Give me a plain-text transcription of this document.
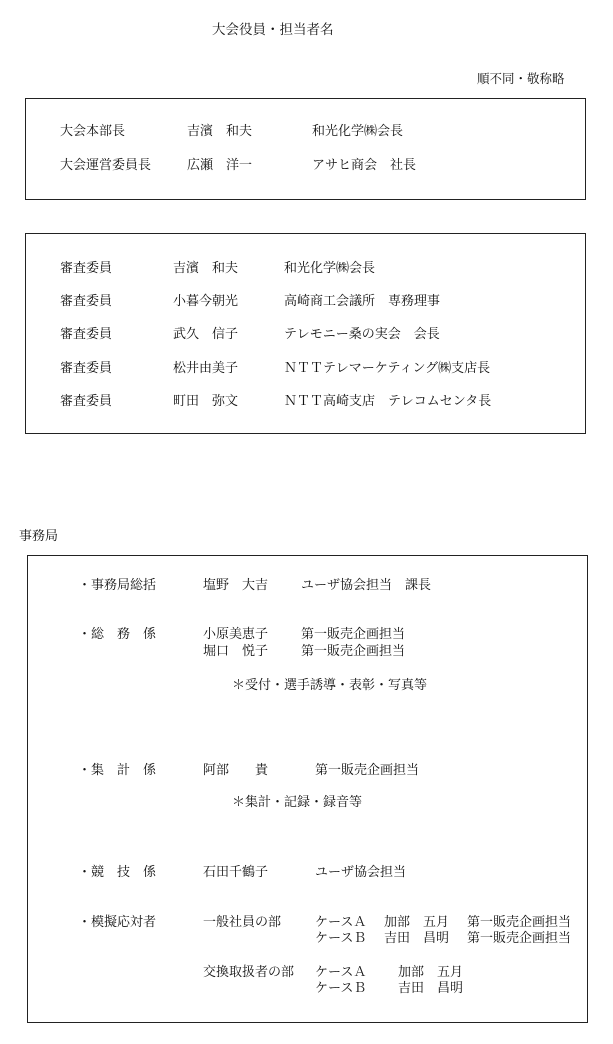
大会役員・担当者名
順不同・敬称略
大会本部長	吉濱　和夫	和光化学㈱会長
大会運営委員長	広瀬　洋一	アサヒ商会　社長
審査委員	吉濱　和夫	和光化学㈱会長
審査委員	小暮今朝光	高崎商工会議所　専務理事
審査委員	武久　信子	テレモニー桑の実会　会長
審査委員	松井由美子	ＮＴＴテレマーケティング㈱支店長
審査委員	町田　弥文	ＮＴＴ高崎支店　テレコムセンタ長
事務局
・事務局総括	塩野　大吉	ユーザ協会担当　課長
・総　務　係	小原美恵子	第一販売企画担当
堀口　悦子	第一販売企画担当
＊受付・選手誘導・表彰・写真等
・集　計　係	阿部　　貴	第一販売企画担当
＊集計・記録・録音等
・競　技　係	石田千鶴子	ユーザ協会担当
・模擬応対者	一般社員の部	ケースＡ 加部　五月 第一販売企画担当
ケースＢ 吉田　昌明 第一販売企画担当
交換取扱者の部 ケースＡ 加部　五月
ケースＢ 吉田　昌明
